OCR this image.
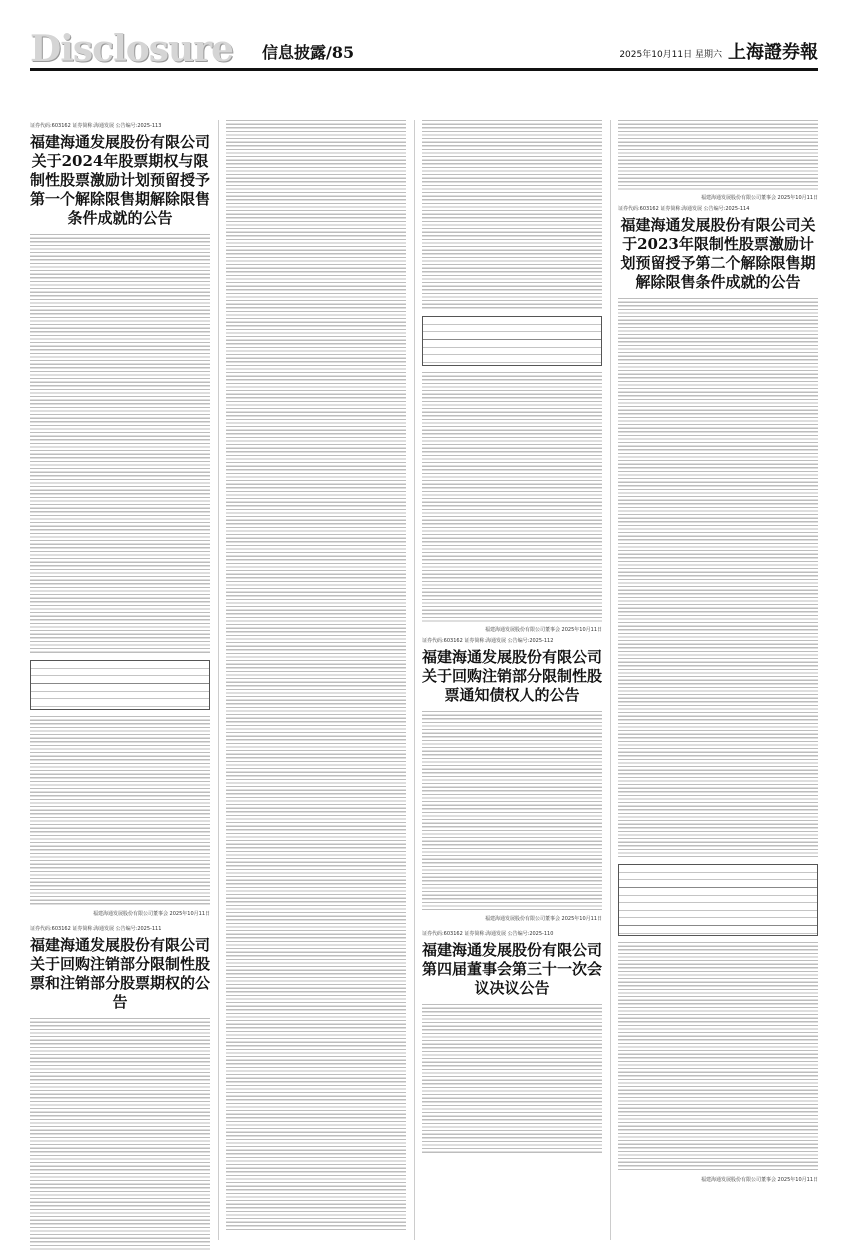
Disclosure 信息披露/85	2025年10月11日 星期六 上海證券報
证券代码:603162 证券简称:海通发展 公告编号:2025-113
福建海通发展股份有限公司关于2024年股票期权与限制性股票激励计划预留授予第一个解除限售期解除限售条件成就的公告
福建海通发展股份有限公司董事会 2025年10月11日
证券代码:603162 证券简称:海通发展 公告编号:2025-111
福建海通发展股份有限公司关于回购注销部分限制性股票和注销部分股票期权的公告
福建海通发展股份有限公司董事会 2025年10月11日
证券代码:603162 证券简称:海通发展 公告编号:2025-112
福建海通发展股份有限公司关于回购注销部分限制性股票通知债权人的公告
福建海通发展股份有限公司董事会 2025年10月11日
证券代码:603162 证券简称:海通发展 公告编号:2025-110
福建海通发展股份有限公司第四届董事会第三十一次会议决议公告
福建海通发展股份有限公司董事会 2025年10月11日
证券代码:603162 证券简称:海通发展 公告编号:2025-114
福建海通发展股份有限公司关于2023年限制性股票激励计划预留授予第二个解除限售期解除限售条件成就的公告
福建海通发展股份有限公司董事会 2025年10月11日
